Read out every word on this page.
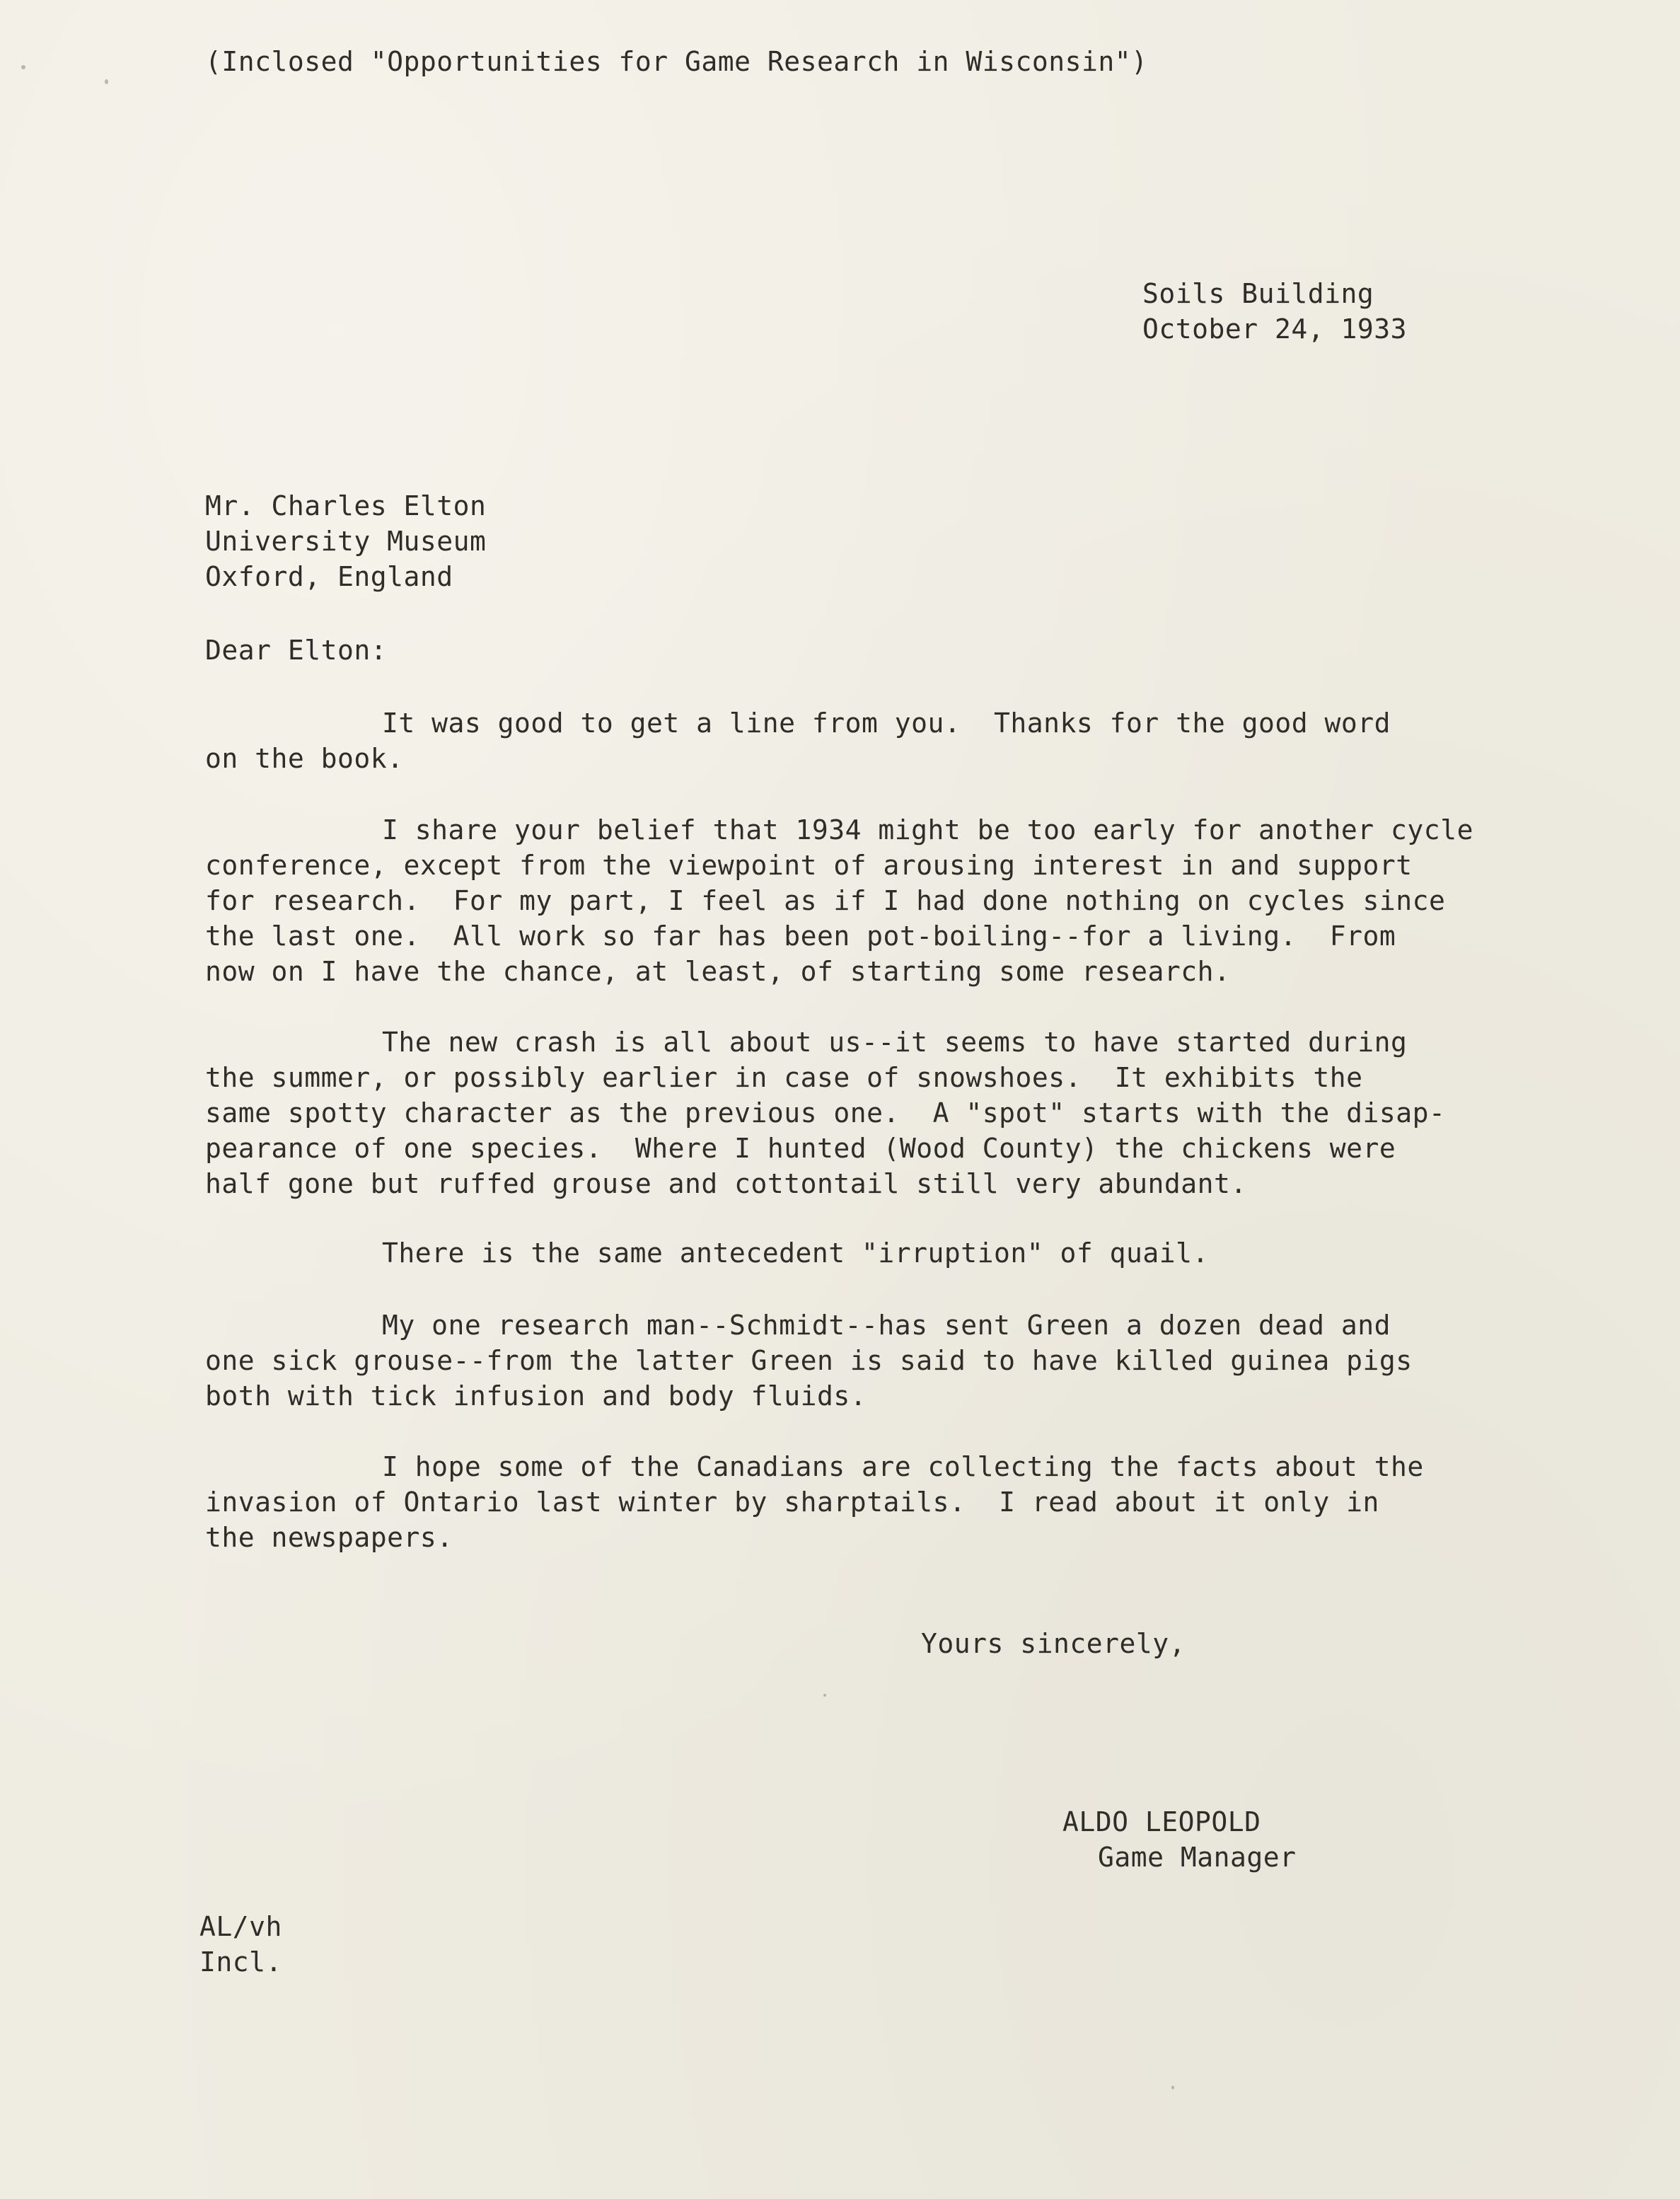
(Inclosed "Opportunities for Game Research in Wisconsin")
Soils Building
October 24, 1933
Mr. Charles Elton
University Museum
Oxford, England
Dear Elton:
It was good to get a line from you.  Thanks for the good word
on the book.
I share your belief that 1934 might be too early for another cycle
conference, except from the viewpoint of arousing interest in and support
for research.  For my part, I feel as if I had done nothing on cycles since
the last one.  All work so far has been pot-boiling--for a living.  From
now on I have the chance, at least, of starting some research.
The new crash is all about us--it seems to have started during
the summer, or possibly earlier in case of snowshoes.  It exhibits the
same spotty character as the previous one.  A "spot" starts with the disap-
pearance of one species.  Where I hunted (Wood County) the chickens were
half gone but ruffed grouse and cottontail still very abundant.
There is the same antecedent "irruption" of quail.
My one research man--Schmidt--has sent Green a dozen dead and
one sick grouse--from the latter Green is said to have killed guinea pigs
both with tick infusion and body fluids.
I hope some of the Canadians are collecting the facts about the
invasion of Ontario last winter by sharptails.  I read about it only in
the newspapers.
Yours sincerely,
ALDO LEOPOLD
Game Manager
AL/vh
Incl.
